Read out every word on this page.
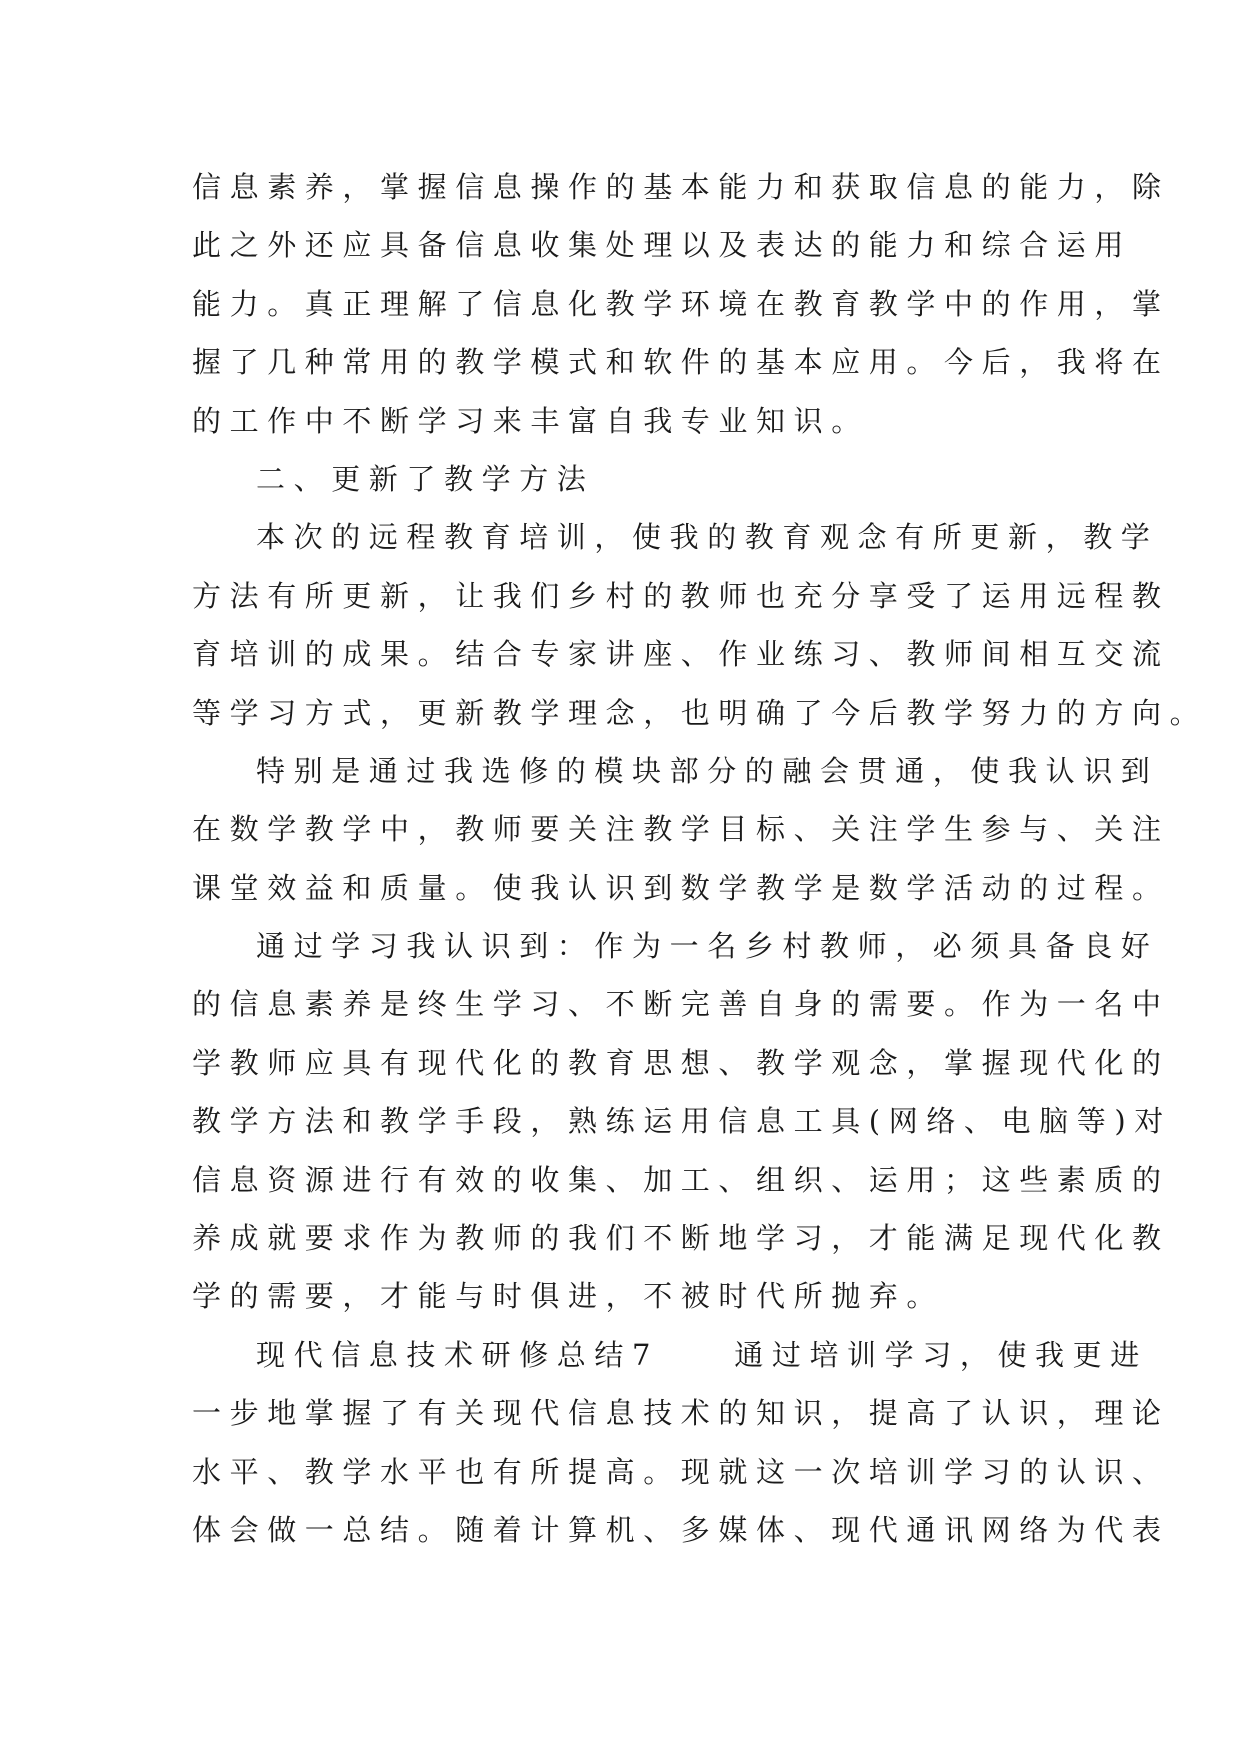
信息素养，掌握信息操作的基本能力和获取信息的能力，除
此之外还应具备信息收集处理以及表达的能力和综合运用
能力。真正理解了信息化教学环境在教育教学中的作用，掌
握了几种常用的教学模式和软件的基本应用。今后，我将在
的工作中不断学习来丰富自我专业知识。
二、更新了教学方法
本次的远程教育培训，使我的教育观念有所更新，教学
方法有所更新，让我们乡村的教师也充分享受了运用远程教
育培训的成果。结合专家讲座、作业练习、教师间相互交流
等学习方式，更新教学理念，也明确了今后教学努力的方向。
特别是通过我选修的模块部分的融会贯通，使我认识到
在数学教学中，教师要关注教学目标、关注学生参与、关注
课堂效益和质量。使我认识到数学教学是数学活动的过程。
通过学习我认识到：作为一名乡村教师，必须具备良好
的信息素养是终生学习、不断完善自身的需要。作为一名中
学教师应具有现代化的教育思想、教学观念，掌握现代化的
教学方法和教学手段，熟练运用信息工具(网络、电脑等)对
信息资源进行有效的收集、加工、组织、运用；这些素质的
养成就要求作为教师的我们不断地学习，才能满足现代化教
学的需要，才能与时俱进，不被时代所抛弃。
现代信息技术研修总结7　　通过培训学习，使我更进
一步地掌握了有关现代信息技术的知识，提高了认识，理论
水平、教学水平也有所提高。现就这一次培训学习的认识、
体会做一总结。随着计算机、多媒体、现代通讯网络为代表
